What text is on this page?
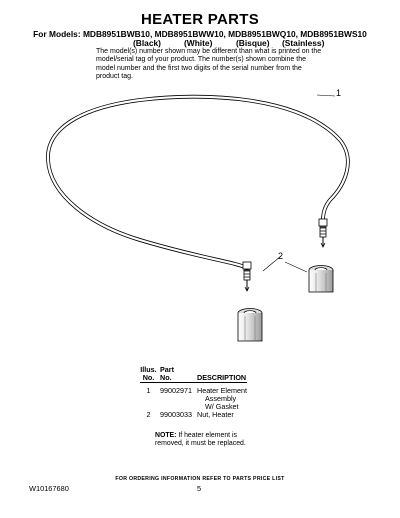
HEATER PARTS
For Models: MDB8951BWB10, MDB8951BWW10, MDB8951BWQ10, MDB8951BWS10
(Black)	(White)	(Bisque) (Stainless)
The model(s) number shown may be different than what is printed on the model/serial tag of your product. The number(s) shown combine the model number and the first two digits of the serial number from the product tag.
1
2
Illus.	Part	
No.	No.	DESCRIPTION

1	99002971	Heater Element
Assembly
W/ Gasket

2	99003033	Nut, Heater
NOTE: If heater element is removed, it must be replaced.
FOR ORDERING INFORMATION REFER TO PARTS PRICE LIST
W10167680	5
